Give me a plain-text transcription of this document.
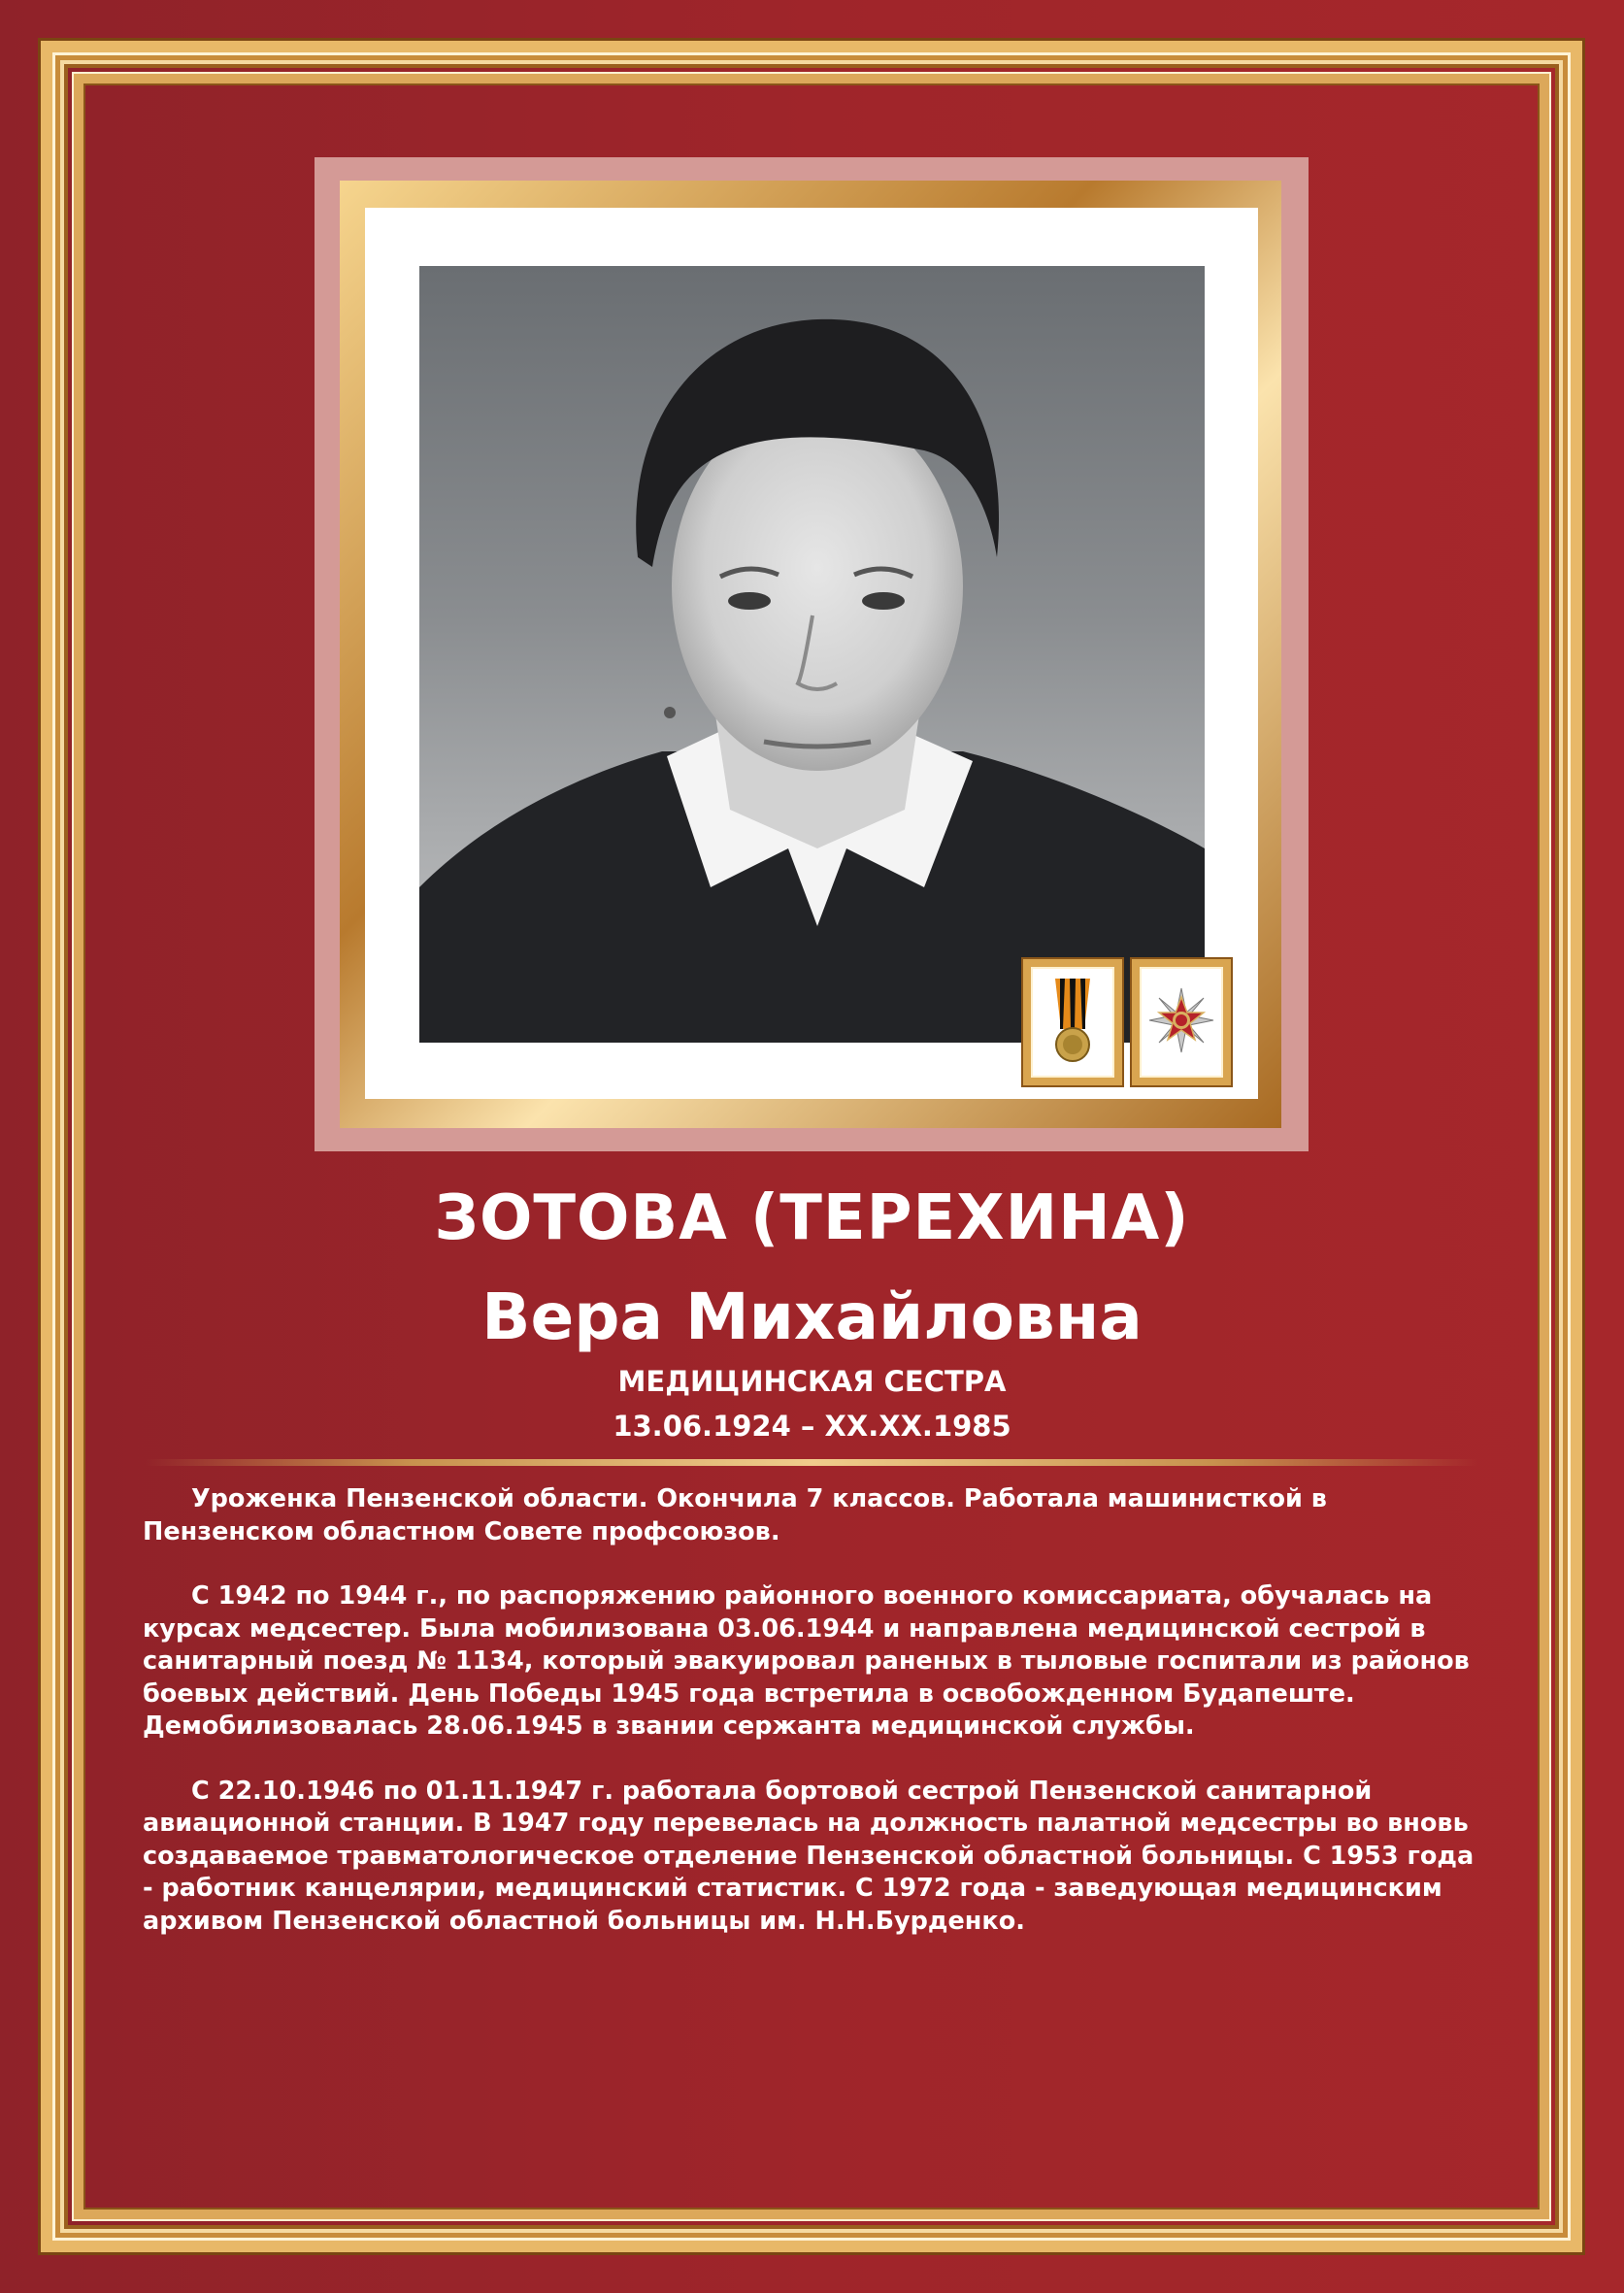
ЗОТОВА (ТЕРЕХИНА)
Вера Михайловна
МЕДИЦИНСКАЯ СЕСТРА
13.06.1924 – XX.XX.1985

Уроженка Пензенской области. Окончила 7 классов. Работала машинисткой в Пензенском областном Совете профсоюзов.

С 1942 по 1944 г., по распоряжению районного военного комиссариата, обучалась на курсах медсестер. Была мобилизована 03.06.1944 и направлена медицинской сестрой в санитарный поезд № 1134, который эвакуировал раненых в тыловые госпитали из районов боевых действий. День Победы 1945 года встретила в освобожденном Будапеште. Демобилизовалась 28.06.1945 в звании сержанта медицинской службы.

С 22.10.1946 по 01.11.1947 г. работала бортовой сестрой Пензенской санитарной авиационной станции. В 1947 году перевелась на должность палатной медсестры во вновь создаваемое травматологическое отделение Пензенской областной больницы. С 1953 года - работник канцелярии, медицинский статистик. С 1972 года - заведующая медицинским архивом Пензенской областной больницы им. Н.Н.Бурденко.
